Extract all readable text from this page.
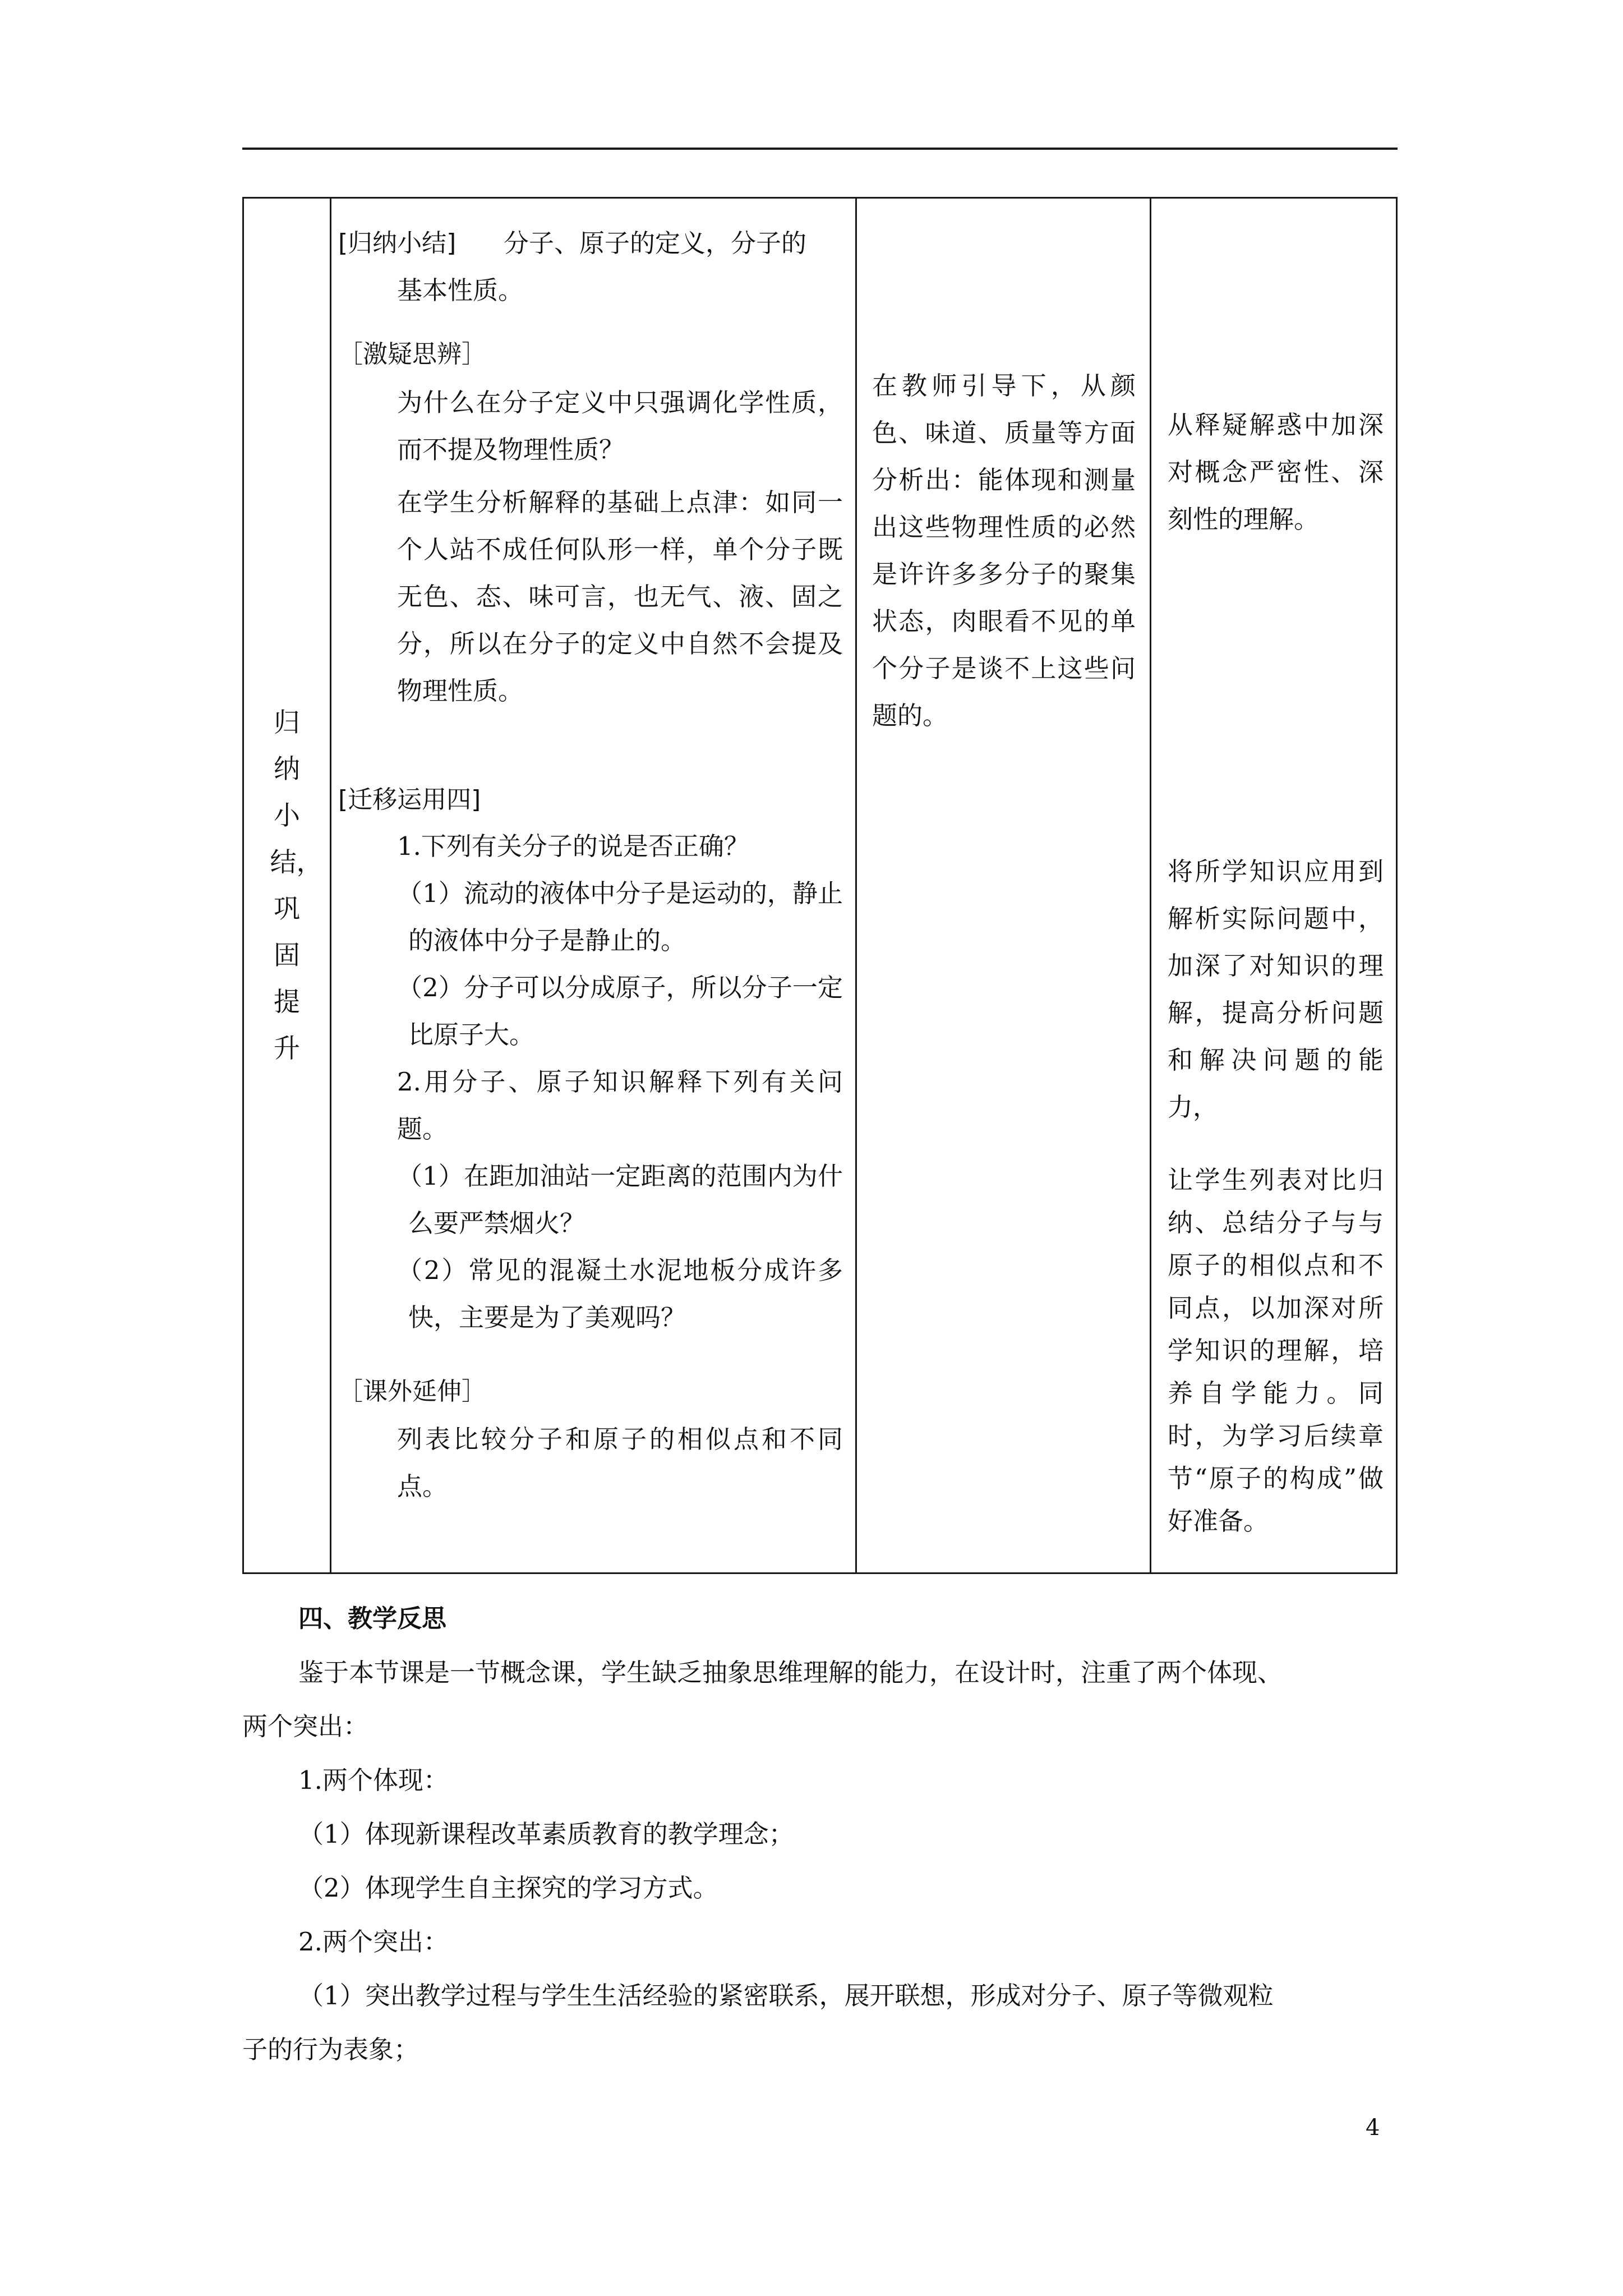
归纳小结，巩固提升
[归纳小结] 分子、原子的定义，分子的
基本性质。
［激疑思辨］
为什么在分子定义中只强调化学性质，而不提及物理性质？
在学生分析解释的基础上点津：如同一个人站不成任何队形一样，单个分子既无色、态、味可言，也无气、液、固之分，所以在分子的定义中自然不会提及物理性质。
[迁移运用四]
1.下列有关分子的说是否正确？
（1）流动的液体中分子是运动的，静止的液体中分子是静止的。
（2）分子可以分成原子，所以分子一定比原子大。
2.用分子、原子知识解释下列有关问题。
（1）在距加油站一定距离的范围内为什么要严禁烟火？
（2）常见的混凝土水泥地板分成许多快，主要是为了美观吗？
［课外延伸］
列表比较分子和原子的相似点和不同点。
在教师引导下，从颜色、味道、质量等方面分析出：能体现和测量出这些物理性质的必然是许许多多分子的聚集状态，肉眼看不见的单个分子是谈不上这些问题的。
从释疑解惑中加深对概念严密性、深刻性的理解。
将所学知识应用到解析实际问题中，加深了对知识的理解，提高分析问题和解决问题的能力，
让学生列表对比归纳、总结分子与与原子的相似点和不同点，以加深对所学知识的理解，培养自学能力。同时，为学习后续章节“原子的构成”做好准备。
四、教学反思
鉴于本节课是一节概念课，学生缺乏抽象思维理解的能力，在设计时，注重了两个体现、
两个突出：
1.两个体现：
（1）体现新课程改革素质教育的教学理念；
（2）体现学生自主探究的学习方式。
2.两个突出：
（1）突出教学过程与学生生活经验的紧密联系，展开联想，形成对分子、原子等微观粒
子的行为表象；
4
